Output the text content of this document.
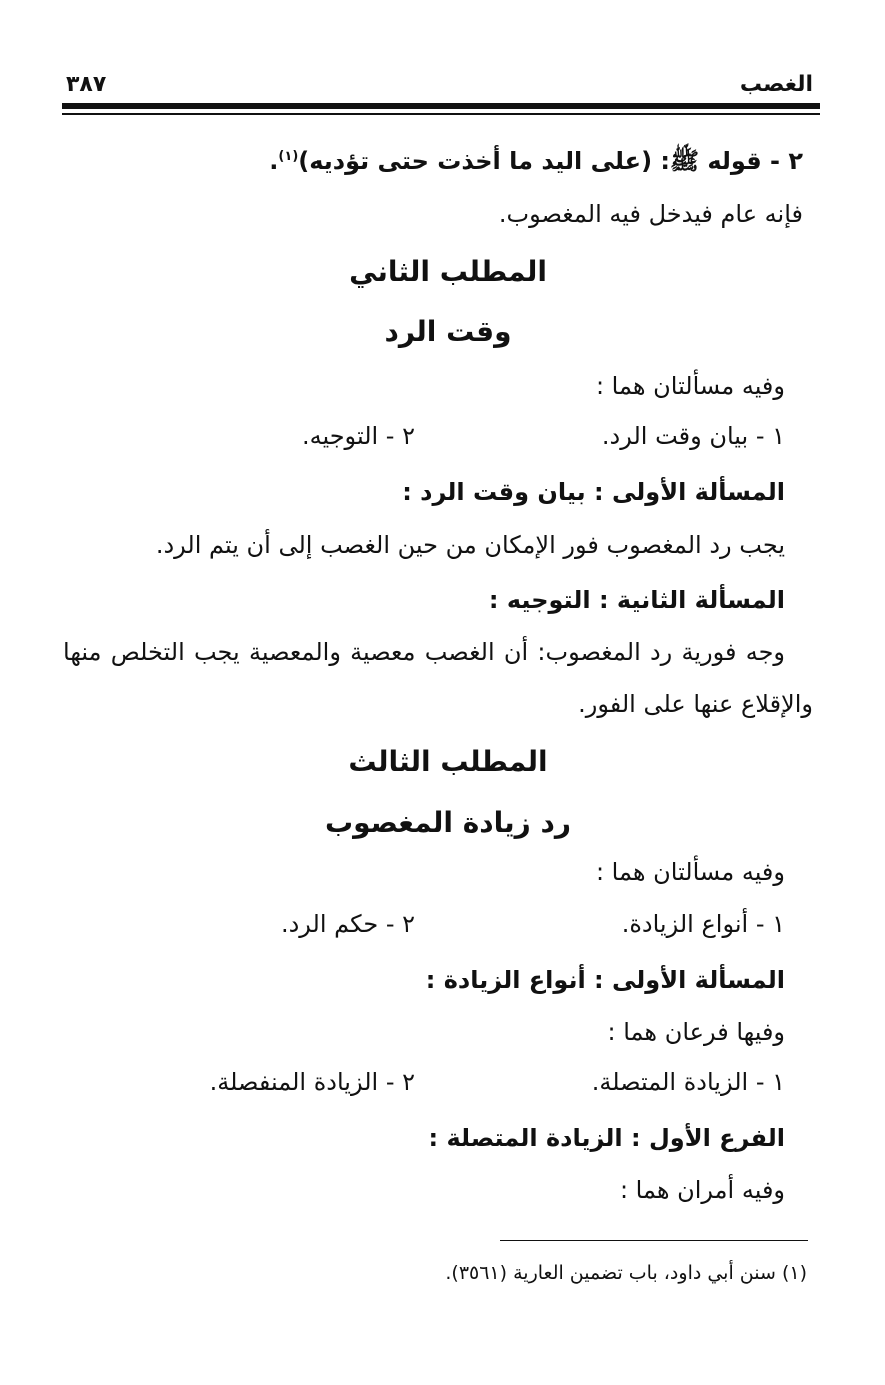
الغصب
٣٨٧
٢ - قوله ﷺ: (على اليد ما أخذت حتى تؤديه)$^{(١)}$.
فإنه عام فيدخل فيه المغصوب.
المطلب الثاني
وقت الرد
وفيه مسألتان هما :
١ - بيان وقت الرد.
٢ - التوجيه.
المسألة الأولى : بيان وقت الرد :
يجب رد المغصوب فور الإمكان من حين الغصب إلى أن يتم الرد.
المسألة الثانية : التوجيه :
وجه فورية رد المغصوب: أن الغصب معصية والمعصية يجب التخلص منها
والإقلاع عنها على الفور.
المطلب الثالث
رد زيادة المغصوب
وفيه مسألتان هما :
١ - أنواع الزيادة.
٢ - حكم الرد.
المسألة الأولى : أنواع الزيادة :
وفيها فرعان هما :
١ - الزيادة المتصلة.
٢ - الزيادة المنفصلة.
الفرع الأول : الزيادة المتصلة :
وفيه أمران هما :
(١) سنن أبي داود، باب تضمين العارية (٣٥٦١).
